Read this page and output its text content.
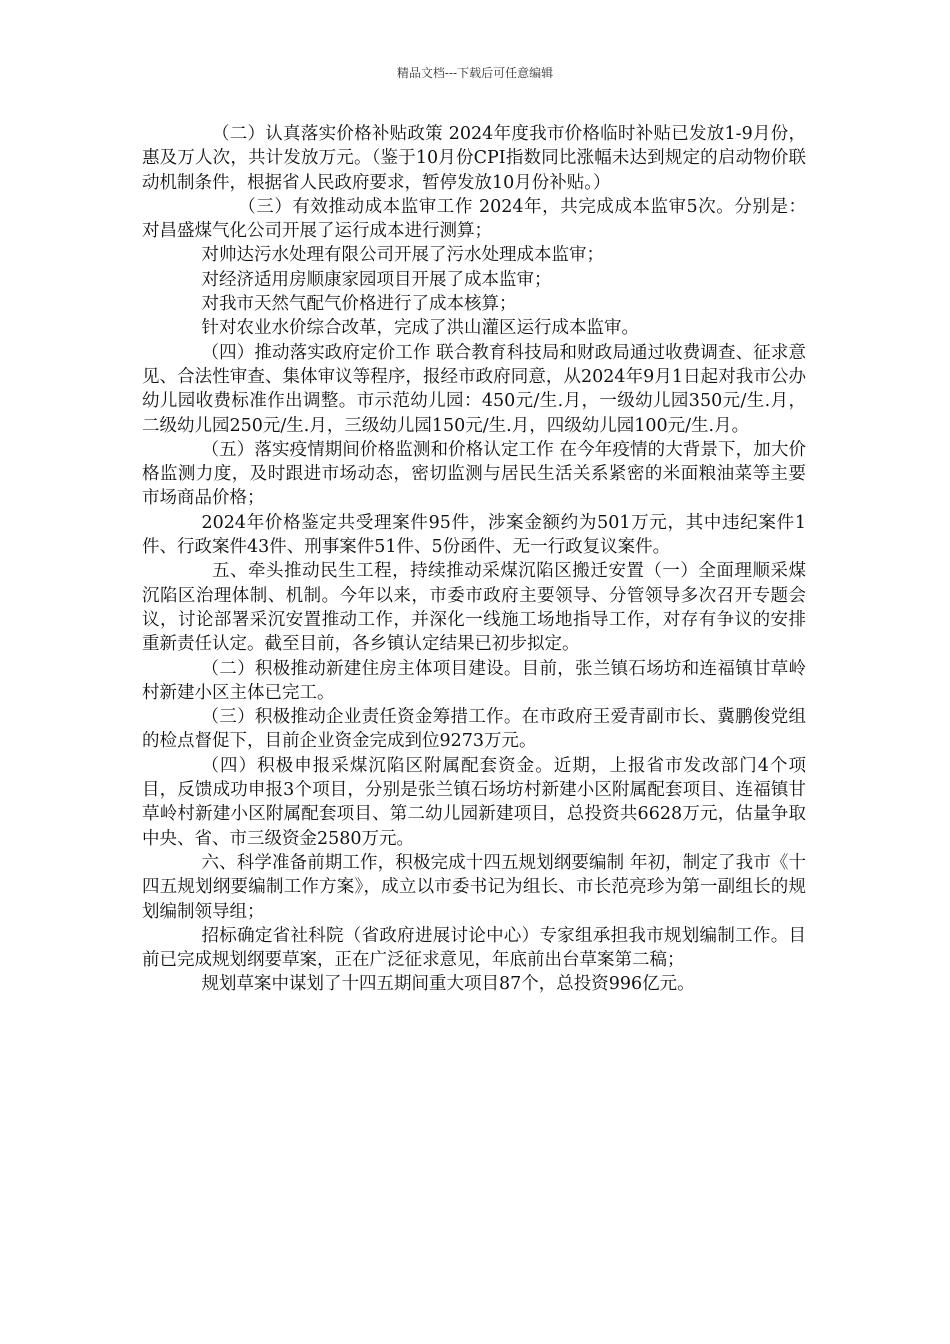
精品文档---下载后可任意编辑

（二）认真落实价格补贴政策 2024年度我市价格临时补贴已发放1-9月份，惠及万人次，共计发放万元。（鉴于10月份CPI指数同比涨幅未达到规定的启动物价联动机制条件，根据省人民政府要求，暂停发放10月份补贴。）

（三）有效推动成本监审工作 2024年，共完成成本监审5次。分别是：对昌盛煤气化公司开展了运行成本进行测算；

对帅达污水处理有限公司开展了污水处理成本监审；

对经济适用房顺康家园项目开展了成本监审；

对我市天然气配气价格进行了成本核算；

针对农业水价综合改革，完成了洪山灌区运行成本监审。

（四）推动落实政府定价工作 联合教育科技局和财政局通过收费调查、征求意见、合法性审查、集体审议等程序，报经市政府同意，从2024年9月1日起对我市公办幼儿园收费标准作出调整。市示范幼儿园：450元/生.月，一级幼儿园350元/生.月，二级幼儿园250元/生.月，三级幼儿园150元/生.月，四级幼儿园100元/生.月。

（五）落实疫情期间价格监测和价格认定工作 在今年疫情的大背景下，加大价格监测力度，及时跟进市场动态，密切监测与居民生活关系紧密的米面粮油菜等主要市场商品价格；

2024年价格鉴定共受理案件95件，涉案金额约为501万元，其中违纪案件1件、行政案件43件、刑事案件51件、5份函件、无一行政复议案件。

五、牵头推动民生工程，持续推动采煤沉陷区搬迁安置（一）全面理顺采煤沉陷区治理体制、机制。今年以来，市委市政府主要领导、分管领导多次召开专题会议，讨论部署采沉安置推动工作，并深化一线施工场地指导工作，对存有争议的安排重新责任认定。截至目前，各乡镇认定结果已初步拟定。

（二）积极推动新建住房主体项目建设。目前，张兰镇石场坊和连福镇甘草岭村新建小区主体已完工。

（三）积极推动企业责任资金筹措工作。在市政府王爱青副市长、冀鹏俊党组的检点督促下，目前企业资金完成到位9273万元。

（四）积极申报采煤沉陷区附属配套资金。近期，上报省市发改部门4个项目，反馈成功申报3个项目，分别是张兰镇石场坊村新建小区附属配套项目、连福镇甘草岭村新建小区附属配套项目、第二幼儿园新建项目，总投资共6628万元，估量争取中央、省、市三级资金2580万元。

六、科学准备前期工作，积极完成十四五规划纲要编制 年初，制定了我市《十四五规划纲要编制工作方案》，成立以市委书记为组长、市长范亮珍为第一副组长的规划编制领导组；

招标确定省社科院（省政府进展讨论中心）专家组承担我市规划编制工作。目前已完成规划纲要草案，正在广泛征求意见，年底前出台草案第二稿；

规划草案中谋划了十四五期间重大项目87个，总投资996亿元。
